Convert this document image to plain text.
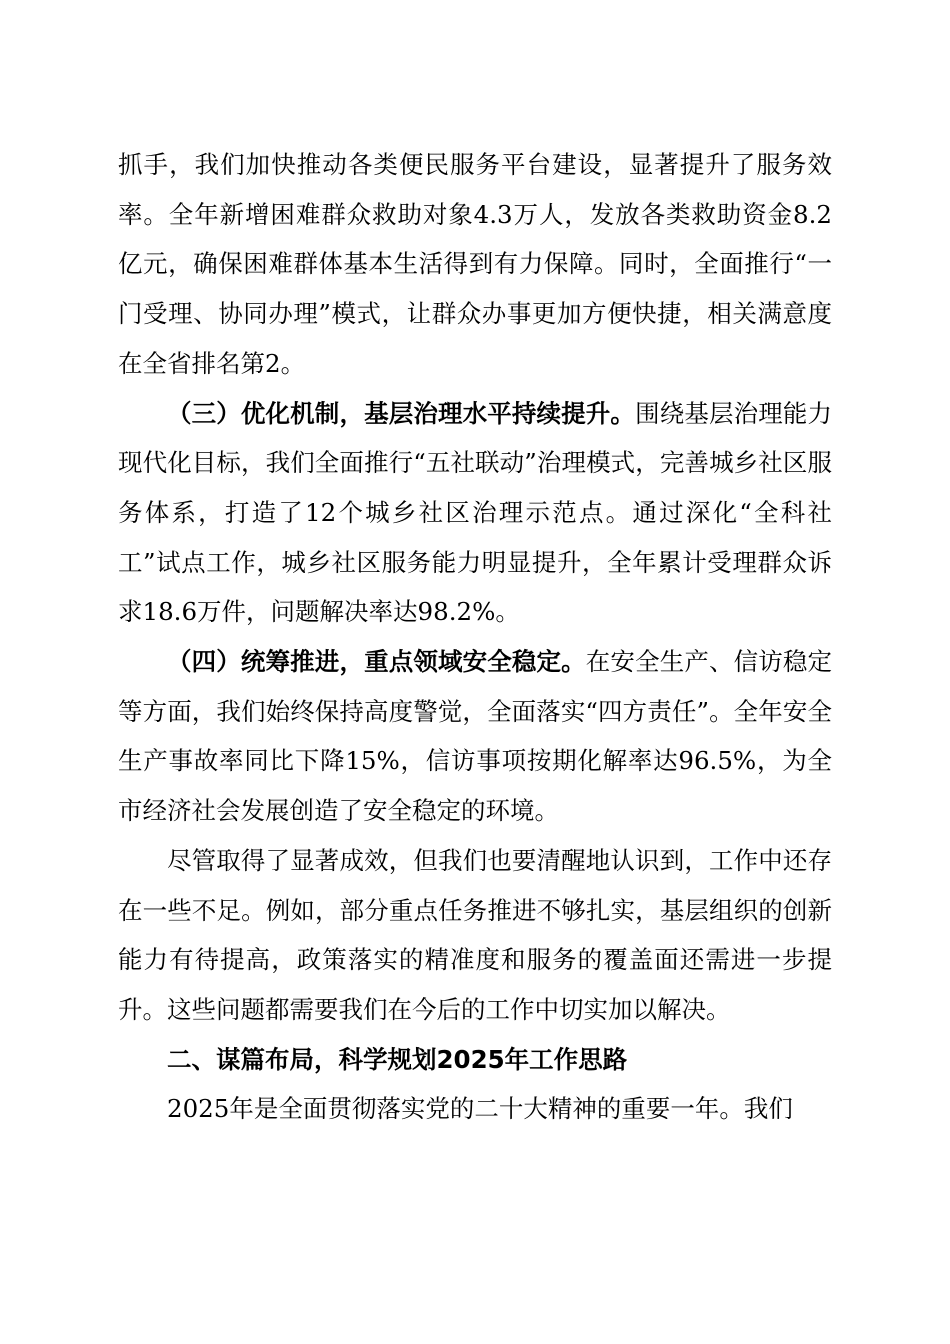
抓手，我们加快推动各类便民服务平台建设，显著提升了服务效率。全年新增困难群众救助对象4.3万人，发放各类救助资金8.2亿元，确保困难群体基本生活得到有力保障。同时，全面推行“一门受理、协同办理”模式，让群众办事更加方便快捷，相关满意度在全省排名第2。

（三）优化机制，基层治理水平持续提升。围绕基层治理能力现代化目标，我们全面推行“五社联动”治理模式，完善城乡社区服务体系，打造了12个城乡社区治理示范点。通过深化“全科社工”试点工作，城乡社区服务能力明显提升，全年累计受理群众诉求18.6万件，问题解决率达98.2%。

（四）统筹推进，重点领域安全稳定。在安全生产、信访稳定等方面，我们始终保持高度警觉，全面落实“四方责任”。全年安全生产事故率同比下降15%，信访事项按期化解率达96.5%，为全市经济社会发展创造了安全稳定的环境。

尽管取得了显著成效，但我们也要清醒地认识到，工作中还存在一些不足。例如，部分重点任务推进不够扎实，基层组织的创新能力有待提高，政策落实的精准度和服务的覆盖面还需进一步提升。这些问题都需要我们在今后的工作中切实加以解决。

二、谋篇布局，科学规划2025年工作思路

2025年是全面贯彻落实党的二十大精神的重要一年。我们
